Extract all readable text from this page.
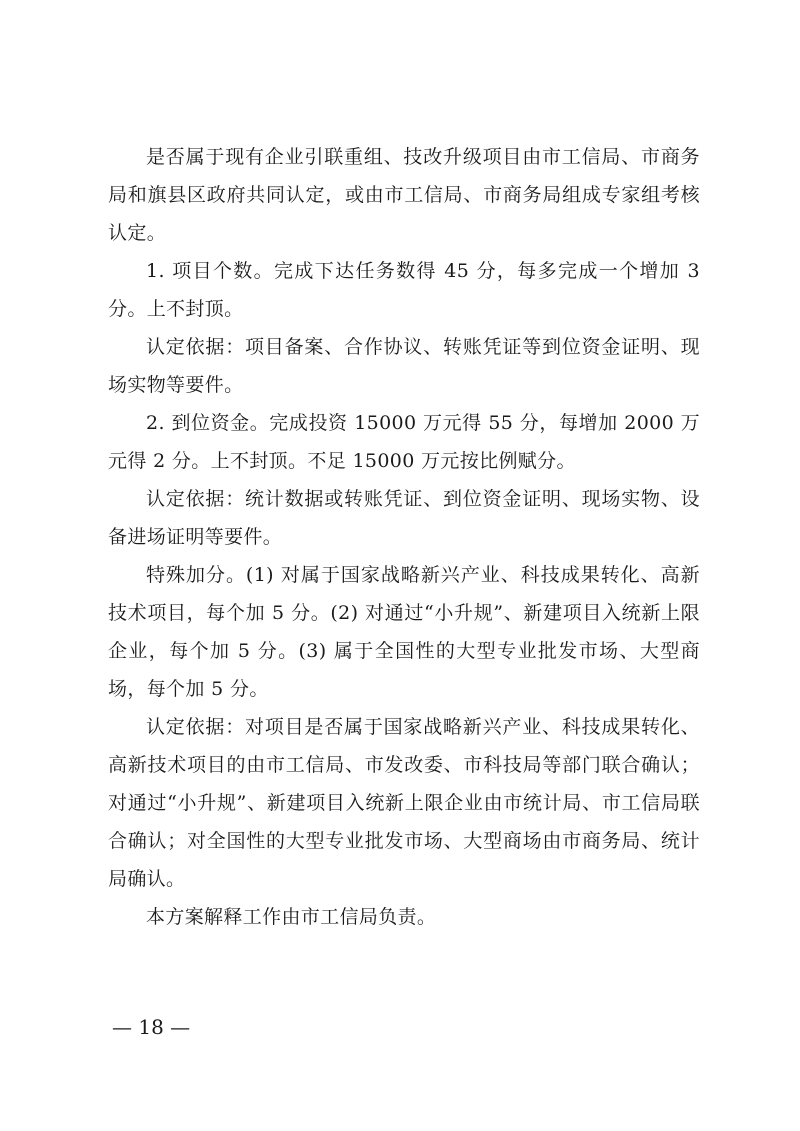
是否属于现有企业引联重组、技改升级项目由市工信局、市商务局和旗县区政府共同认定，或由市工信局、市商务局组成专家组考核认定。

1. 项目个数。完成下达任务数得 45 分，每多完成一个增加 3 分。上不封顶。

认定依据：项目备案、合作协议、转账凭证等到位资金证明、现场实物等要件。

2. 到位资金。完成投资 15000 万元得 55 分，每增加 2000 万元得 2 分。上不封顶。不足 15000 万元按比例赋分。

认定依据：统计数据或转账凭证、到位资金证明、现场实物、设备进场证明等要件。

特殊加分。(1) 对属于国家战略新兴产业、科技成果转化、高新技术项目，每个加 5 分。(2) 对通过“小升规”、新建项目入统新上限企业，每个加 5 分。(3) 属于全国性的大型专业批发市场、大型商场，每个加 5 分。

认定依据：对项目是否属于国家战略新兴产业、科技成果转化、高新技术项目的由市工信局、市发改委、市科技局等部门联合确认；对通过“小升规”、新建项目入统新上限企业由市统计局、市工信局联合确认；对全国性的大型专业批发市场、大型商场由市商务局、统计局确认。

本方案解释工作由市工信局负责。

— 18 —
